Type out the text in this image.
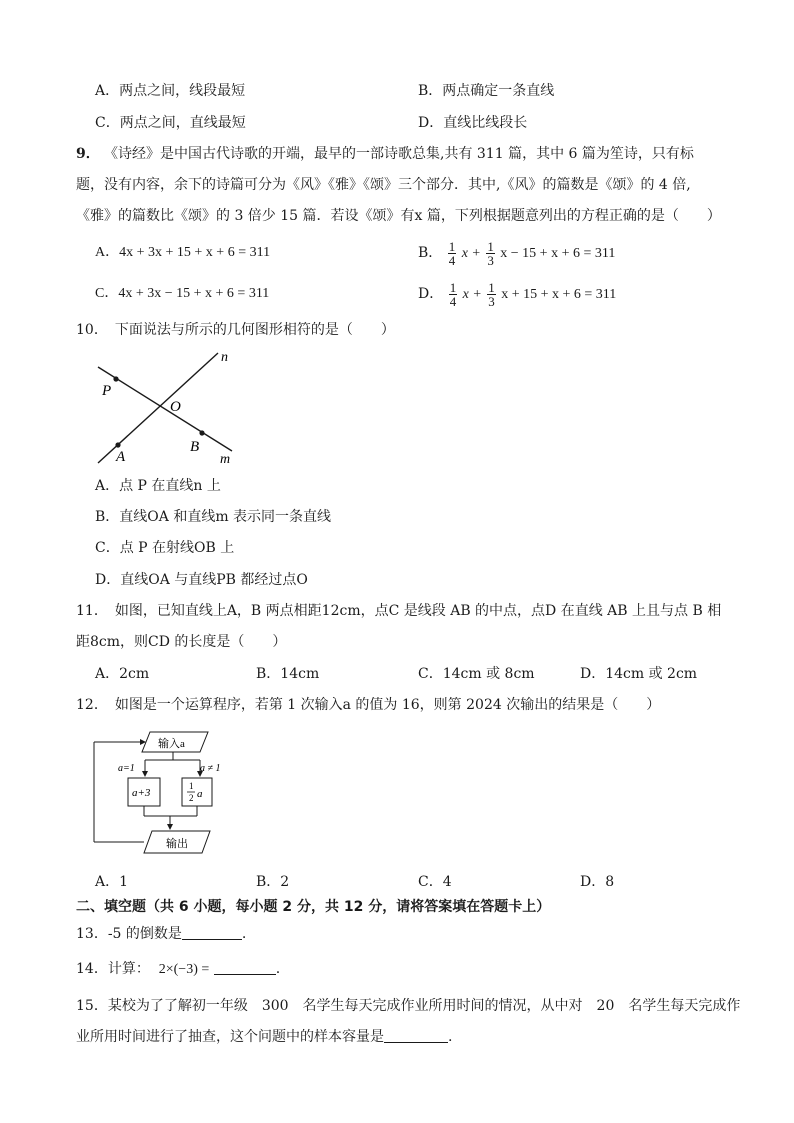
A．两点之间，线段最短	B．两点确定一条直线
C．两点之间，直线最短	D．直线比线段长
9． 《诗经》是中国古代诗歌的开端，最早的一部诗歌总集,共有 311 篇，其中 6 篇为笙诗，只有标
题，没有内容，余下的诗篇可分为《风》《雅》《颂》三个部分．其中,《风》的篇数是《颂》的 4 倍,
《雅》的篇数比《颂》的 3 倍少 15 篇．若设《颂》有x 篇，下列根据题意列出的方程正确的是（　　）
A．4x + 3x + 15 + x + 6 = 311	B． $\frac{1}{4}$ $x + \frac{1}{3}$ x − 15 + x + 6 = 311
C．4x + 3x − 15 + x + 6 = 311	D． $\frac{1}{4}$ $x + \frac{1}{3}$ x + 15 + x + 6 = 311
10．　下面说法与所示的几何图形相符的是（　　）
n
P
O
B
A	m
A．点 P 在直线n 上
B．直线OA 和直线m 表示同一条直线
C．点 P 在射线OB 上
D．直线OA 与直线PB 都经过点O
11．　如图，已知直线上A，B 两点相距12cm，点C 是线段 AB 的中点，点D 在直线 AB 上且与点 B 相
距8cm，则CD 的长度是（　　）
A．2cm	B．14cm	C．14cm 或 8cm	D．14cm 或 2cm
12．　如图是一个运算程序，若第 1 次输入a 的值为 16，则第 2024 次输出的结果是（　　）
输入a
a=1	a ≠ 1
a+3
1
2 a
输出
A．1	B．2	C．4	D．8
二、填空题（共 6 小题，每小题 2 分，共 12 分，请将答案填在答题卡上）
13．-5 的倒数是	.
14．计算： 2×(−3) =	.
15．某校为了了解初一年级　300　名学生每天完成作业所用时间的情况，从中对　20　名学生每天完成作
业所用时间进行了抽查，这个问题中的样本容量是	.
